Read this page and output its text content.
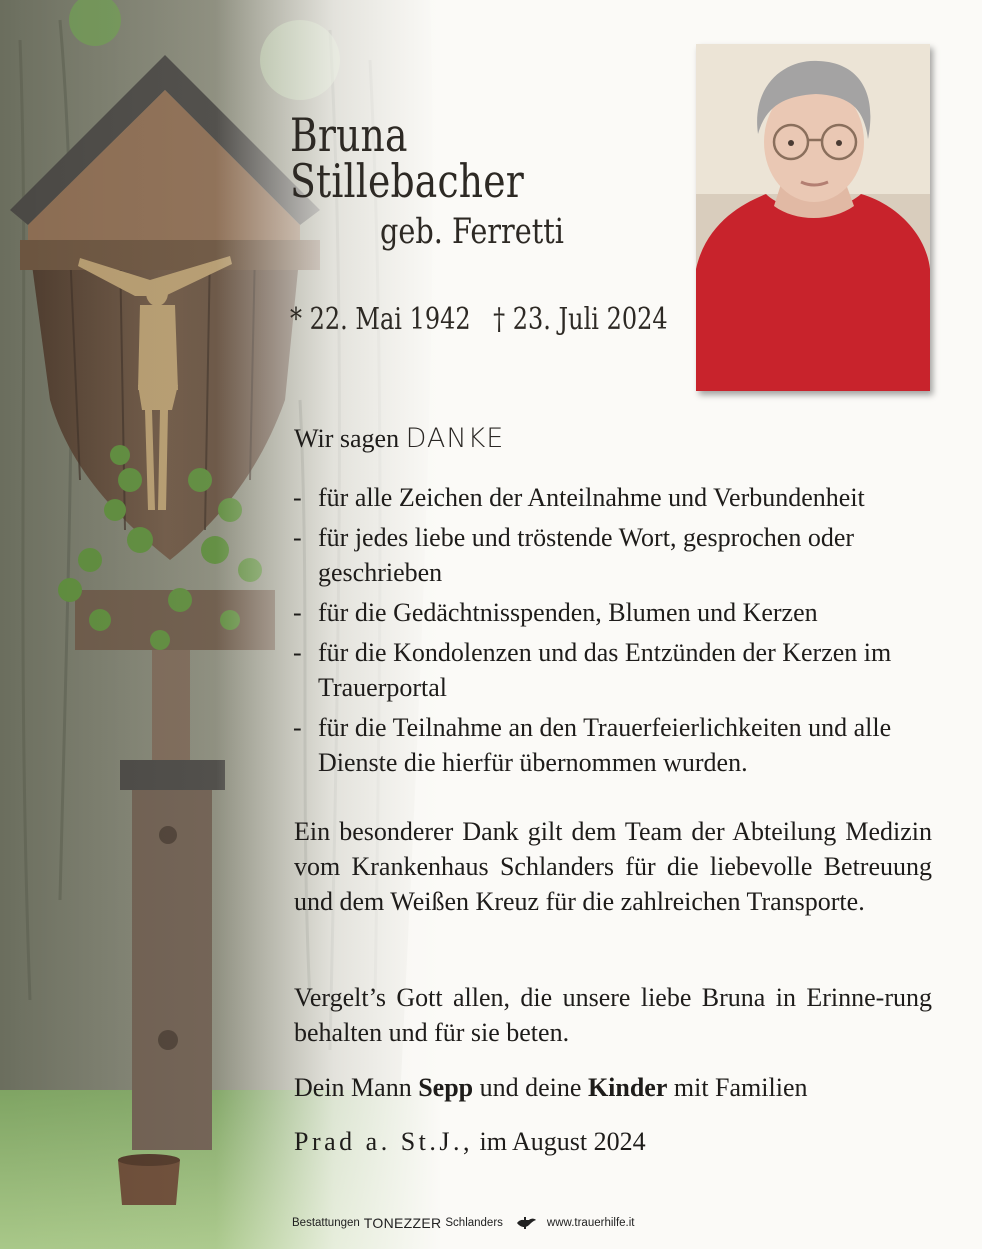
Bruna Stillebacher
geb. Ferretti
* 22. Mai 1942 † 23. Juli 2024
Wir sagen DANKE
- für alle Zeichen der Anteilnahme und Verbundenheit
- für jedes liebe und tröstende Wort, gesprochen oder geschrieben
- für die Gedächtnisspenden, Blumen und Kerzen
- für die Kondolenzen und das Entzünden der Kerzen im Trauerportal
- für die Teilnahme an den Trauerfeierlichkeiten und alle Dienste die hierfür übernommen wurden.

Ein besonderer Dank gilt dem Team der Abteilung Medizin vom Krankenhaus Schlanders für die liebevolle Betreuung und dem Weißen Kreuz für die zahlreichen Transporte.

Vergelt’s Gott allen, die unsere liebe Bruna in Erinne-rung behalten und für sie beten.

Dein Mann Sepp und deine Kinder mit Familien

Prad a. St.J., im August 2024
Bestattungen TONEZZER Schlanders	www.trauerhilfe.it
